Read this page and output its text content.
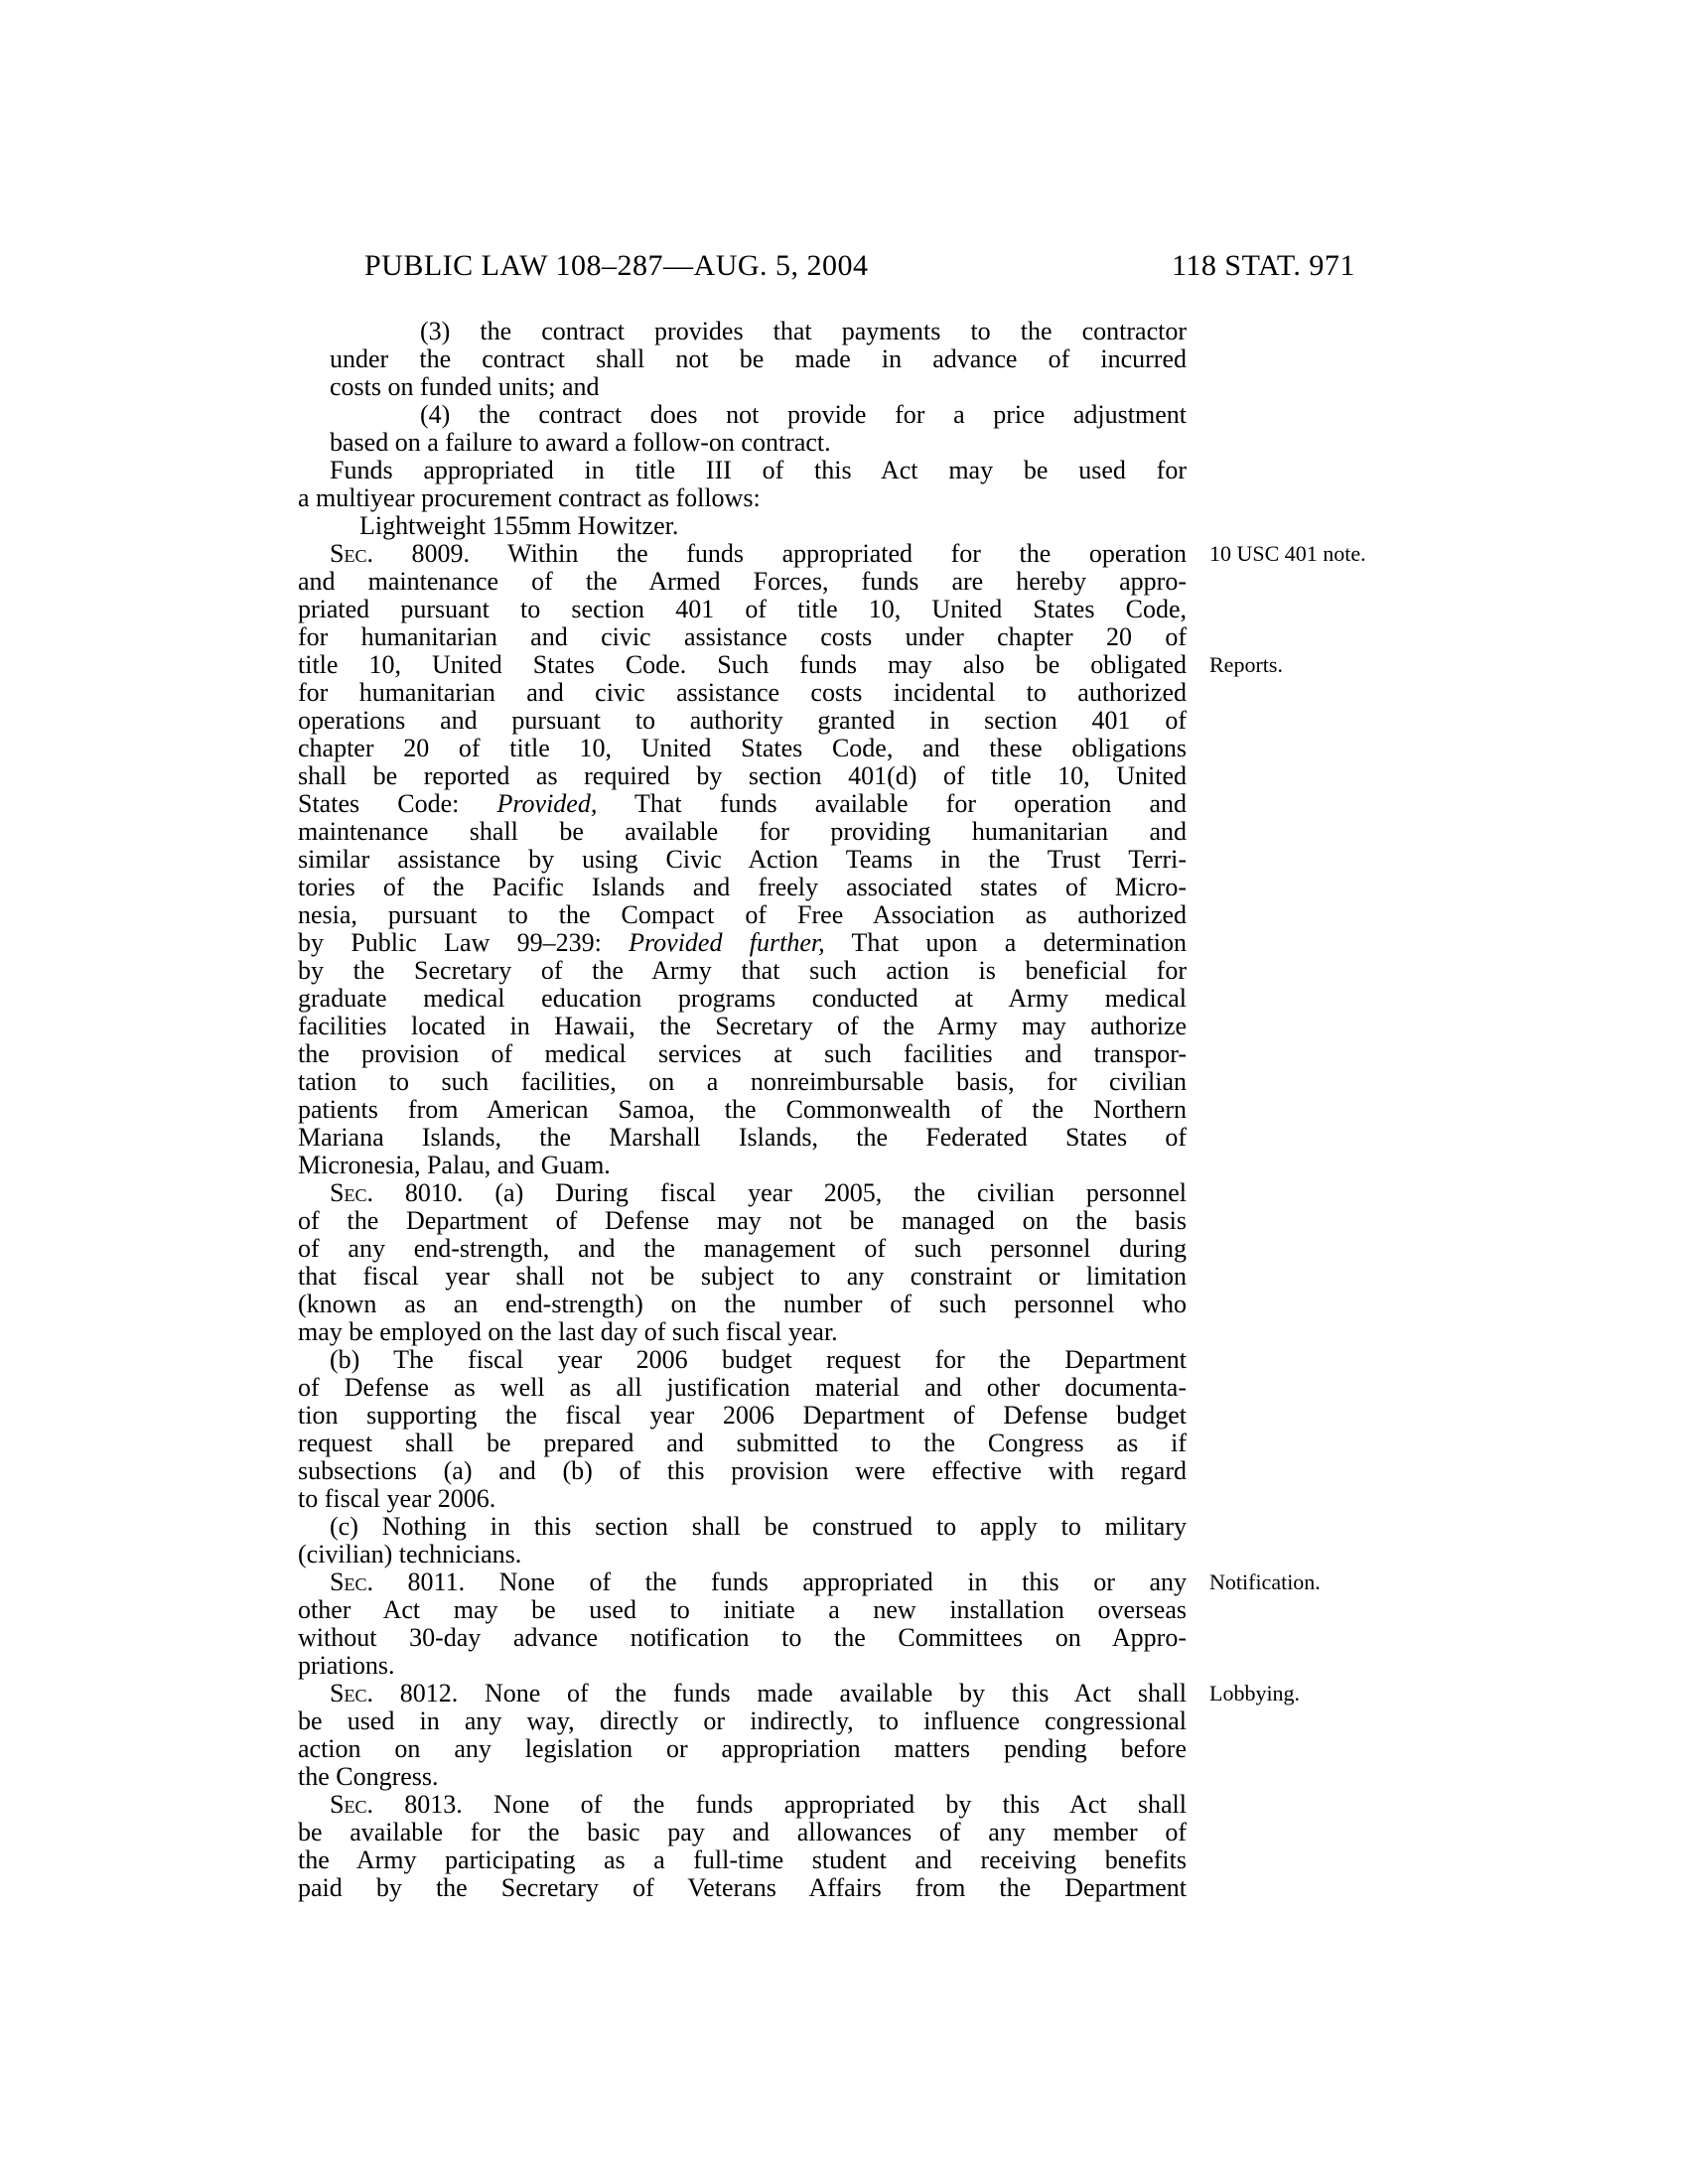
PUBLIC LAW 108–287—AUG. 5, 2004	118 STAT. 971
(3) the contract provides that payments to the contractor
under the contract shall not be made in advance of incurred
costs on funded units; and
(4) the contract does not provide for a price adjustment
based on a failure to award a follow-on contract.
Funds appropriated in title III of this Act may be used for
a multiyear procurement contract as follows:
Lightweight 155mm Howitzer.
Sec. 8009. Within the funds appropriated for the operation
and maintenance of the Armed Forces, funds are hereby appro-
priated pursuant to section 401 of title 10, United States Code,
for humanitarian and civic assistance costs under chapter 20 of
title 10, United States Code. Such funds may also be obligated
for humanitarian and civic assistance costs incidental to authorized
operations and pursuant to authority granted in section 401 of
chapter 20 of title 10, United States Code, and these obligations
shall be reported as required by section 401(d) of title 10, United
States Code: Provided, That funds available for operation and
maintenance shall be available for providing humanitarian and
similar assistance by using Civic Action Teams in the Trust Terri-
tories of the Pacific Islands and freely associated states of Micro-
nesia, pursuant to the Compact of Free Association as authorized
by Public Law 99–239: Provided further, That upon a determination
by the Secretary of the Army that such action is beneficial for
graduate medical education programs conducted at Army medical
facilities located in Hawaii, the Secretary of the Army may authorize
the provision of medical services at such facilities and transpor-
tation to such facilities, on a nonreimbursable basis, for civilian
patients from American Samoa, the Commonwealth of the Northern
Mariana Islands, the Marshall Islands, the Federated States of
Micronesia, Palau, and Guam.
Sec. 8010. (a) During fiscal year 2005, the civilian personnel
of the Department of Defense may not be managed on the basis
of any end-strength, and the management of such personnel during
that fiscal year shall not be subject to any constraint or limitation
(known as an end-strength) on the number of such personnel who
may be employed on the last day of such fiscal year.
(b) The fiscal year 2006 budget request for the Department
of Defense as well as all justification material and other documenta-
tion supporting the fiscal year 2006 Department of Defense budget
request shall be prepared and submitted to the Congress as if
subsections (a) and (b) of this provision were effective with regard
to fiscal year 2006.
(c) Nothing in this section shall be construed to apply to military
(civilian) technicians.
Sec. 8011. None of the funds appropriated in this or any
other Act may be used to initiate a new installation overseas
without 30-day advance notification to the Committees on Appro-
priations.
Sec. 8012. None of the funds made available by this Act shall
be used in any way, directly or indirectly, to influence congressional
action on any legislation or appropriation matters pending before
the Congress.
Sec. 8013. None of the funds appropriated by this Act shall
be available for the basic pay and allowances of any member of
the Army participating as a full-time student and receiving benefits
paid by the Secretary of Veterans Affairs from the Department
10 USC 401 note.
Reports.
Notification.
Lobbying.
